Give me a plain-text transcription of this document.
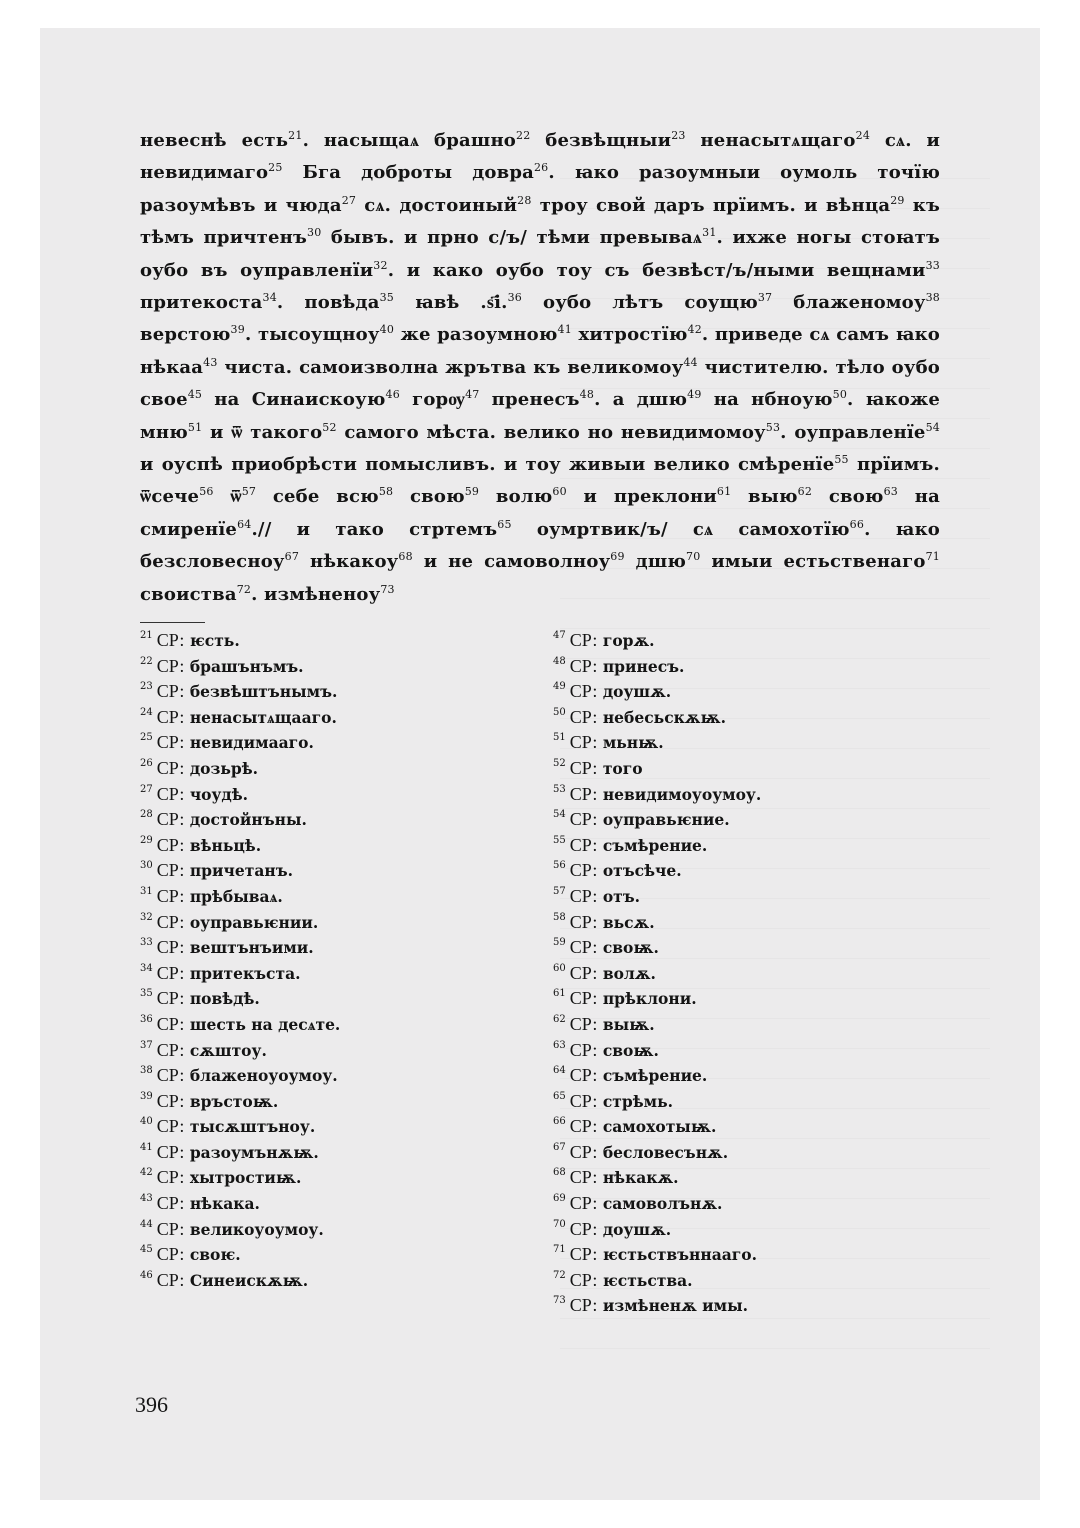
невеснѣ есть$^{21}$. насыщаѧ брашно$^{22}$ безвѣщныи$^{23}$ ненасытѧщаго$^{24}$ сѧ. и невидимаго$^{25}$ Бга доброты довра$^{26}$. ꙗко разоумныи оумоль точїю разоумѣвъ и чюда$^{27}$ сѧ. достоиный$^{28}$ троу свой даръ прїимъ. и вѣнца$^{29}$ къ тѣмъ причтенъ$^{30}$ бывъ. и прно с/ъ/ тѣми превываѧ$^{31}$. ихже ногы стоꙗтъ оубо въ оуправленїи$^{32}$. и како оубо тоу съ безвѣст/ъ/ными вещнами$^{33}$ притекоста$^{34}$. повѣда$^{35}$ ꙗвѣ .ѕ҃і.$^{36}$ оубо лѣтъ соущю$^{37}$ блаженомоу$^{38}$ верстою$^{39}$. тысоущноу$^{40}$ же разоумною$^{41}$ хитростїю$^{42}$. приведе сѧ самъ ꙗко нѣкаа$^{43}$ чиста. самоизволна жрътва къ великомоу$^{44}$ чистителю. тѣло оубо свое$^{45}$ на Синаискоую$^{46}$ горѹ$^{47}$ пренесъ$^{48}$. а дшю$^{49}$ на нбноую$^{50}$. ꙗкоже мню$^{51}$ и ѿ такого$^{52}$ самого мѣста. велико но невидимомоу$^{53}$. оуправленїе$^{54}$ и оуспѣ приобрѣсти помысливъ. и тоу живыи велико смѣренїе$^{55}$ прїимъ. ѿсече$^{56}$ $ѿ^{57}$ себе всю$^{58}$ свою$^{59}$ волю$^{60}$ и преклони$^{61}$ выю$^{62}$ свою$^{63}$ на смиренїе$^{64}$.// и тако стртемъ$^{65}$ оумртвик/ъ/ сѧ самохотїю$^{66}$. ꙗко безсловесноу$^{67}$ нѣкакоу$^{68}$ и не самоволноу$^{69}$ дшю$^{70}$ имыи естьственаго$^{71}$ своиства$^{72}$. измѣненоу$^{73}$
$^{21}$ СР: ѥсть.
$^{22}$ СР: брашънъмъ.
$^{23}$ СР: безвѣштънымъ.
$^{24}$ СР: ненасытѧщааго.
$^{25}$ СР: невидимааго.
$^{26}$ СР: дозьрѣ.
$^{27}$ СР: чоудѣ.
$^{28}$ СР: достойнъны.
$^{29}$ СР: вѣньцѣ.
$^{30}$ СР: причетанъ.
$^{31}$ СР: прѣбываѧ.
$^{32}$ СР: оуправьѥнии.
$^{33}$ СР: вештънъими.
$^{34}$ СР: притекъста.
$^{35}$ СР: повѣдѣ.
$^{36}$ СР: шесть на десѧте.
$^{37}$ СР: сѫштоу.
$^{38}$ СР: блаженоуоумоу.
$^{39}$ СР: връстоѭ.
$^{40}$ СР: тысѫштъноу.
$^{41}$ СР: разоумънѫѭ.
$^{42}$ СР: хытростиѭ.
$^{43}$ СР: нѣкака.
$^{44}$ СР: великоуоумоу.
$^{45}$ СР: своѥ.
$^{46}$ СР: Синеискѫѭ.
$^{47}$ СР: горѫ.
$^{48}$ СР: принесъ.
$^{49}$ СР: доушѫ.
$^{50}$ СР: небесьскѫѭ.
$^{51}$ СР: мьнѭ.
$^{52}$ СР: того
$^{53}$ СР: невидимоуоумоу.
$^{54}$ СР: оуправьѥние.
$^{55}$ СР: съмѣрение.
$^{56}$ СР: отъсѣче.
$^{57}$ СР: отъ.
$^{58}$ СР: вьсѫ.
$^{59}$ СР: своѭ.
$^{60}$ СР: волѫ.
$^{61}$ СР: прѣклони.
$^{62}$ СР: выѭ.
$^{63}$ СР: своѭ.
$^{64}$ СР: съмѣрение.
$^{65}$ СР: стрѣмь.
$^{66}$ СР: самохотыѭ.
$^{67}$ СР: бесловесънѫ.
$^{68}$ СР: нѣкакѫ.
$^{69}$ СР: самоволънѫ.
$^{70}$ СР: доушѫ.
$^{71}$ СР: ѥстьствъннааго.
$^{72}$ СР: ѥстьства.
$^{73}$ СР: измѣненѫ имы.
396
